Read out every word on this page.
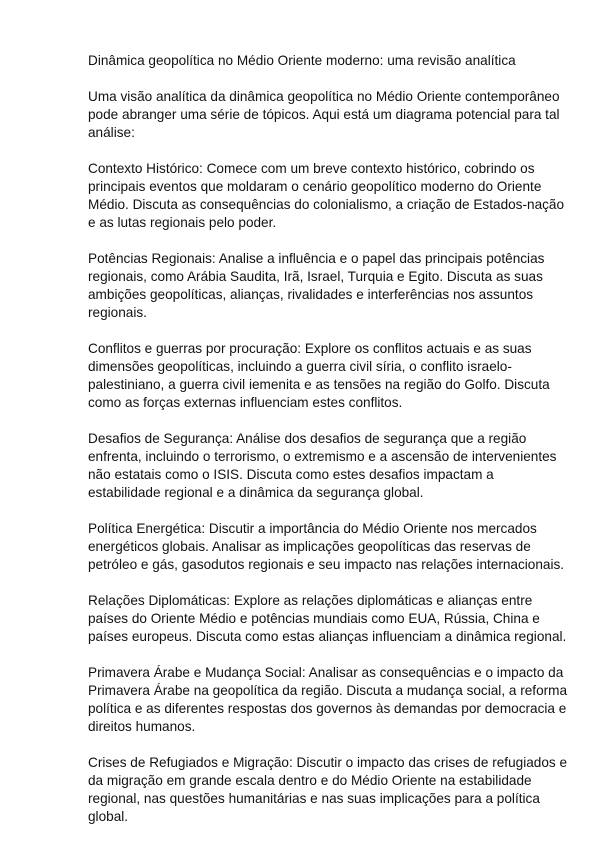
Dinâmica geopolítica no Médio Oriente moderno: uma revisão analítica

Uma visão analítica da dinâmica geopolítica no Médio Oriente contemporâneo pode abranger uma série de tópicos. Aqui está um diagrama potencial para tal análise:

Contexto Histórico: Comece com um breve contexto histórico, cobrindo os principais eventos que moldaram o cenário geopolítico moderno do Oriente Médio. Discuta as consequências do colonialismo, a criação de Estados-nação e as lutas regionais pelo poder.

Potências Regionais: Analise a influência e o papel das principais potências regionais, como Arábia Saudita, Irã, Israel, Turquia e Egito. Discuta as suas ambições geopolíticas, alianças, rivalidades e interferências nos assuntos regionais.

Conflitos e guerras por procuração: Explore os conflitos actuais e as suas dimensões geopolíticas, incluindo a guerra civil síria, o conflito israelo-palestiniano, a guerra civil iemenita e as tensões na região do Golfo. Discuta como as forças externas influenciam estes conflitos.

Desafios de Segurança: Análise dos desafios de segurança que a região enfrenta, incluindo o terrorismo, o extremismo e a ascensão de intervenientes não estatais como o ISIS. Discuta como estes desafios impactam a estabilidade regional e a dinâmica da segurança global.

Política Energética: Discutir a importância do Médio Oriente nos mercados energéticos globais. Analisar as implicações geopolíticas das reservas de petróleo e gás, gasodutos regionais e seu impacto nas relações internacionais.

Relações Diplomáticas: Explore as relações diplomáticas e alianças entre países do Oriente Médio e potências mundiais como EUA, Rússia, China e países europeus. Discuta como estas alianças influenciam a dinâmica regional.

Primavera Árabe e Mudança Social: Analisar as consequências e o impacto da Primavera Árabe na geopolítica da região. Discuta a mudança social, a reforma política e as diferentes respostas dos governos às demandas por democracia e direitos humanos.

Crises de Refugiados e Migração: Discutir o impacto das crises de refugiados e da migração em grande escala dentro e do Médio Oriente na estabilidade regional, nas questões humanitárias e nas suas implicações para a política global.
